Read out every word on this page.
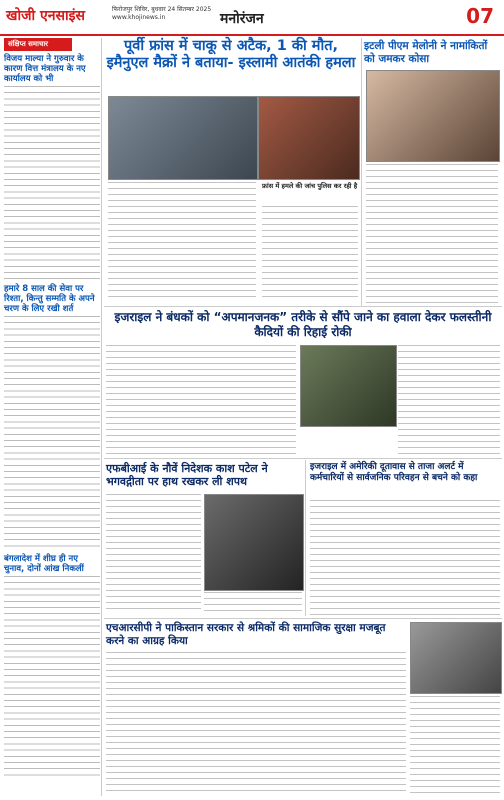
खोजी एनसाइंस	फिरोजपुर शिविर, बुधवार 24 सितम्बर 2025
www.khojinews.in	मनोरंजन	07
संक्षिप्त समाचार
विजय माल्या ने गुरुवार के कारण वित्त मंत्रालय के नए कार्यालय को भी
हमारे 8 साल की सेवा पर रिश्ता, किन्तु सम्मति के अपने चरण के लिए रखी शर्त
बंगलादेश में शीघ्र ही नए चुनाव, दोनों आंख निकलीं
पूर्वी फ्रांस में चाकू से अटैक, 1 की मौत, इमैनुएल मैक्रों ने बताया- इस्लामी आतंकी हमला
फ्रांस में हमले की जांच पुलिस कर रही है
इटली पीएम मेलोनी ने नामांकितों को जमकर कोसा
इजराइल ने बंधकों को “अपमानजनक” तरीके से सौंपे जाने का हवाला देकर फलस्तीनी कैदियों की रिहाई रोकी
एफबीआई के नौवें निदेशक काश पटेल ने भगवद्गीता पर हाथ रखकर ली शपथ
इजराइल में अमेरिकी दूतावास से ताजा अलर्ट में कर्मचारियों से सार्वजनिक परिवहन से बचने को कहा
एचआरसीपी ने पाकिस्तान सरकार से श्रमिकों की सामाजिक सुरक्षा मजबूत करने का आग्रह किया
